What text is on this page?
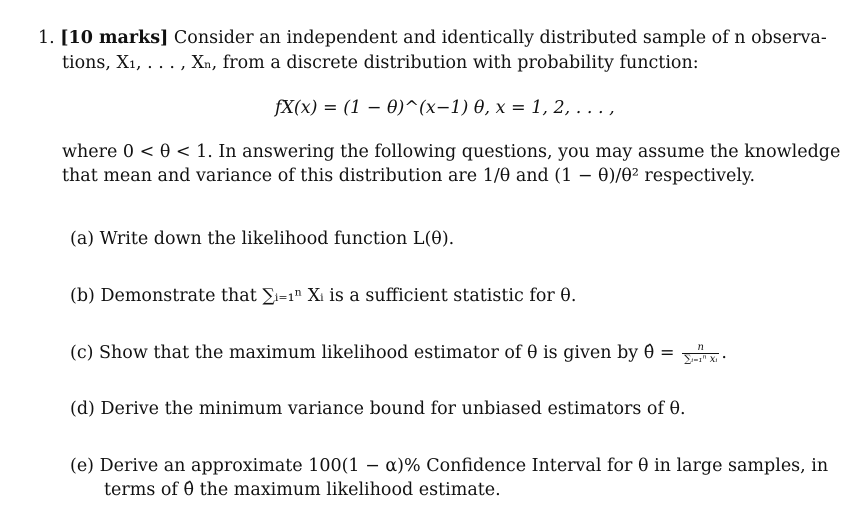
1. [10 marks] Consider an independent and identically distributed sample of n observa-
tions, X₁, . . . , Xₙ, from a discrete distribution with probability function:
fX(x) = (1 − θ)^(x−1) θ, x = 1, 2, . . . ,
where 0 < θ < 1. In answering the following questions, you may assume the knowledge
that mean and variance of this distribution are 1/θ and (1 − θ)/θ² respectively.
(a) Write down the likelihood function L(θ).
(b) Demonstrate that ∑ᵢ₌₁ⁿ Xᵢ is a sufficient statistic for θ.
(c) Show that the maximum likelihood estimator of θ is given by θ̂ = $\frac{n}{\text{∑ᵢ₌₁ⁿ xᵢ}}$ .
(d) Derive the minimum variance bound for unbiased estimators of θ.
(e) Derive an approximate 100(1 − α)% Confidence Interval for θ in large samples, in
terms of θ̂ the maximum likelihood estimate.
